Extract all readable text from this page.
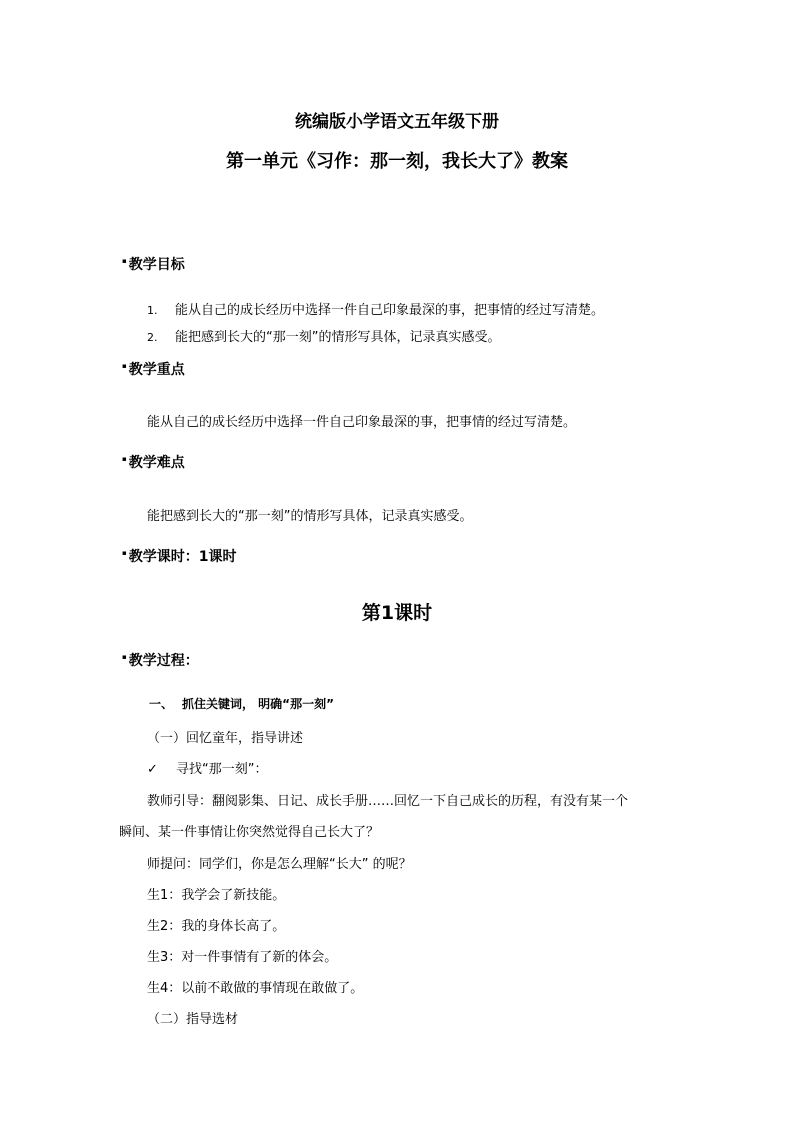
统编版小学语文五年级下册
第一单元《习作：那一刻，我长大了》教案
▪ 教学目标
1. 能从自己的成长经历中选择一件自己印象最深的事，把事情的经过写清楚。
2. 能把感到长大的“那一刻”的情形写具体，记录真实感受。
▪ 教学重点
能从自己的成长经历中选择一件自己印象最深的事，把事情的经过写清楚。
▪ 教学难点
能把感到长大的“那一刻”的情形写具体，记录真实感受。
▪ 教学课时：1课时
第1课时
▪ 教学过程：
一、 抓住关键词， 明确“那一刻”
（一）回忆童年，指导讲述
✓ 寻找“那一刻”：
教师引导：翻阅影集、日记、成长手册……回忆一下自己成长的历程，有没有某一个
瞬间、某一件事情让你突然觉得自己长大了？
师提问：同学们，你是怎么理解“长大” 的呢？
生1：我学会了新技能。
生2：我的身体长高了。
生3：对一件事情有了新的体会。
生4：以前不敢做的事情现在敢做了。
（二）指导选材
